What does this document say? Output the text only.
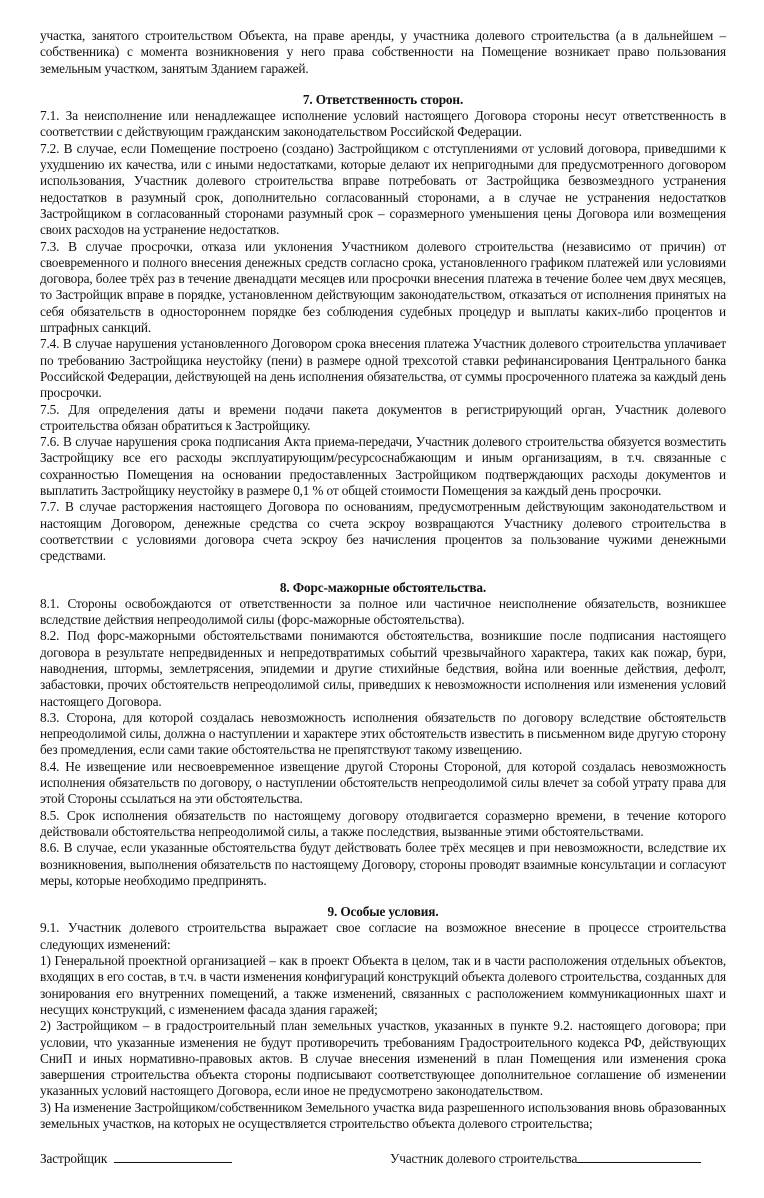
участка, занятого строительством Объекта, на праве аренды, у участника долевого строительства (а в дальнейшем – собственника) с момента возникновения у него права собственности на Помещение возникает право пользования земельным участком, занятым Зданием гаражей.

7. Ответственность сторон.

7.1. За неисполнение или ненадлежащее исполнение условий настоящего Договора стороны несут ответственность в соответствии с действующим гражданским законодательством Российской Федерации.

7.2. В случае, если Помещение построено (создано) Застройщиком с отступлениями от условий договора, приведшими к ухудшению их качества, или с иными недостатками, которые делают их непригодными для предусмотренного договором использования, Участник долевого строительства вправе потребовать от Застройщика безвозмездного устранения недостатков в разумный срок, дополнительно согласованный сторонами, а в случае не устранения недостатков Застройщиком в согласованный сторонами разумный срок – соразмерного уменьшения цены Договора или возмещения своих расходов на устранение недостатков.

7.3. В случае просрочки, отказа или уклонения Участником долевого строительства (независимо от причин) от своевременного и полного внесения денежных средств согласно срока, установленного графиком платежей или условиями договора, более трёх раз в течение двенадцати месяцев или просрочки внесения платежа в течение более чем двух месяцев, то Застройщик вправе в порядке, установленном действующим законодательством, отказаться от исполнения принятых на себя обязательств в одностороннем порядке без соблюдения судебных процедур и выплаты каких-либо процентов и штрафных санкций.

7.4. В случае нарушения установленного Договором срока внесения платежа Участник долевого строительства уплачивает по требованию Застройщика неустойку (пени) в размере одной трехсотой ставки рефинансирования Центрального банка Российской Федерации, действующей на день исполнения обязательства, от суммы просроченного платежа за каждый день просрочки.

7.5. Для определения даты и времени подачи пакета документов в регистрирующий орган, Участник долевого строительства обязан обратиться к Застройщику.

7.6. В случае нарушения срока подписания Акта приема-передачи, Участник долевого строительства обязуется возместить Застройщику все его расходы эксплуатирующим/ресурсоснабжающим и иным организациям, в т.ч. связанные с сохранностью Помещения на основании предоставленных Застройщиком подтверждающих расходы документов и выплатить Застройщику неустойку в размере 0,1 % от общей стоимости Помещения за каждый день просрочки.

7.7. В случае расторжения настоящего Договора по основаниям, предусмотренным действующим законодательством и настоящим Договором, денежные средства со счета эскроу возвращаются Участнику долевого строительства в соответствии с условиями договора счета эскроу без начисления процентов за пользование чужими денежными средствами.

8. Форс-мажорные обстоятельства.

8.1. Стороны освобождаются от ответственности за полное или частичное неисполнение обязательств, возникшее вследствие действия непреодолимой силы (форс-мажорные обстоятельства).

8.2. Под форс-мажорными обстоятельствами понимаются обстоятельства, возникшие после подписания настоящего договора в результате непредвиденных и непредотвратимых событий чрезвычайного характера, таких как пожар, бури, наводнения, штормы, землетрясения, эпидемии и другие стихийные бедствия, война или военные действия, дефолт, забастовки, прочих обстоятельств непреодолимой силы, приведших к невозможности исполнения или изменения условий настоящего Договора.

8.3. Сторона, для которой создалась невозможность исполнения обязательств по договору вследствие обстоятельств непреодолимой силы, должна о наступлении и характере этих обстоятельств известить в письменном виде другую сторону без промедления, если сами такие обстоятельства не препятствуют такому извещению.

8.4. Не извещение или несвоевременное извещение другой Стороны Стороной, для которой создалась невозможность исполнения обязательств по договору, о наступлении обстоятельств непреодолимой силы влечет за собой утрату права для этой Стороны ссылаться на эти обстоятельства.

8.5. Срок исполнения обязательств по настоящему договору отодвигается соразмерно времени, в течение которого действовали обстоятельства непреодолимой силы, а также последствия, вызванные этими обстоятельствами.

8.6. В случае, если указанные обстоятельства будут действовать более трёх месяцев и при невозможности, вследствие их возникновения, выполнения обязательств по настоящему Договору, стороны проводят взаимные консультации и согласуют меры, которые необходимо предпринять.

9. Особые условия.

9.1. Участник долевого строительства выражает свое согласие на возможное внесение в процессе строительства следующих изменений:

1) Генеральной проектной организацией – как в проект Объекта в целом, так и в части расположения отдельных объектов, входящих в его состав, в т.ч. в части изменения конфигураций конструкций объекта долевого строительства, созданных для зонирования его внутренних помещений, а также изменений, связанных с расположением коммуникационных шахт и несущих конструкций, с изменением фасада здания гаражей;

2) Застройщиком – в градостроительный план земельных участков, указанных в пункте 9.2. настоящего договора; при условии, что указанные изменения не будут противоречить требованиям Градостроительного кодекса РФ, действующих СниП и иных нормативно-правовых актов. В случае внесения изменений в план Помещения или изменения срока завершения строительства объекта стороны подписывают соответствующее дополнительное соглашение об изменении указанных условий настоящего Договора, если иное не предусмотрено законодательством.

3) На изменение Застройщиком/собственником Земельного участка вида разрешенного использования вновь образованных земельных участков, на которых не осуществляется строительство объекта долевого строительства;

Застройщик	Участник долевого строительства
